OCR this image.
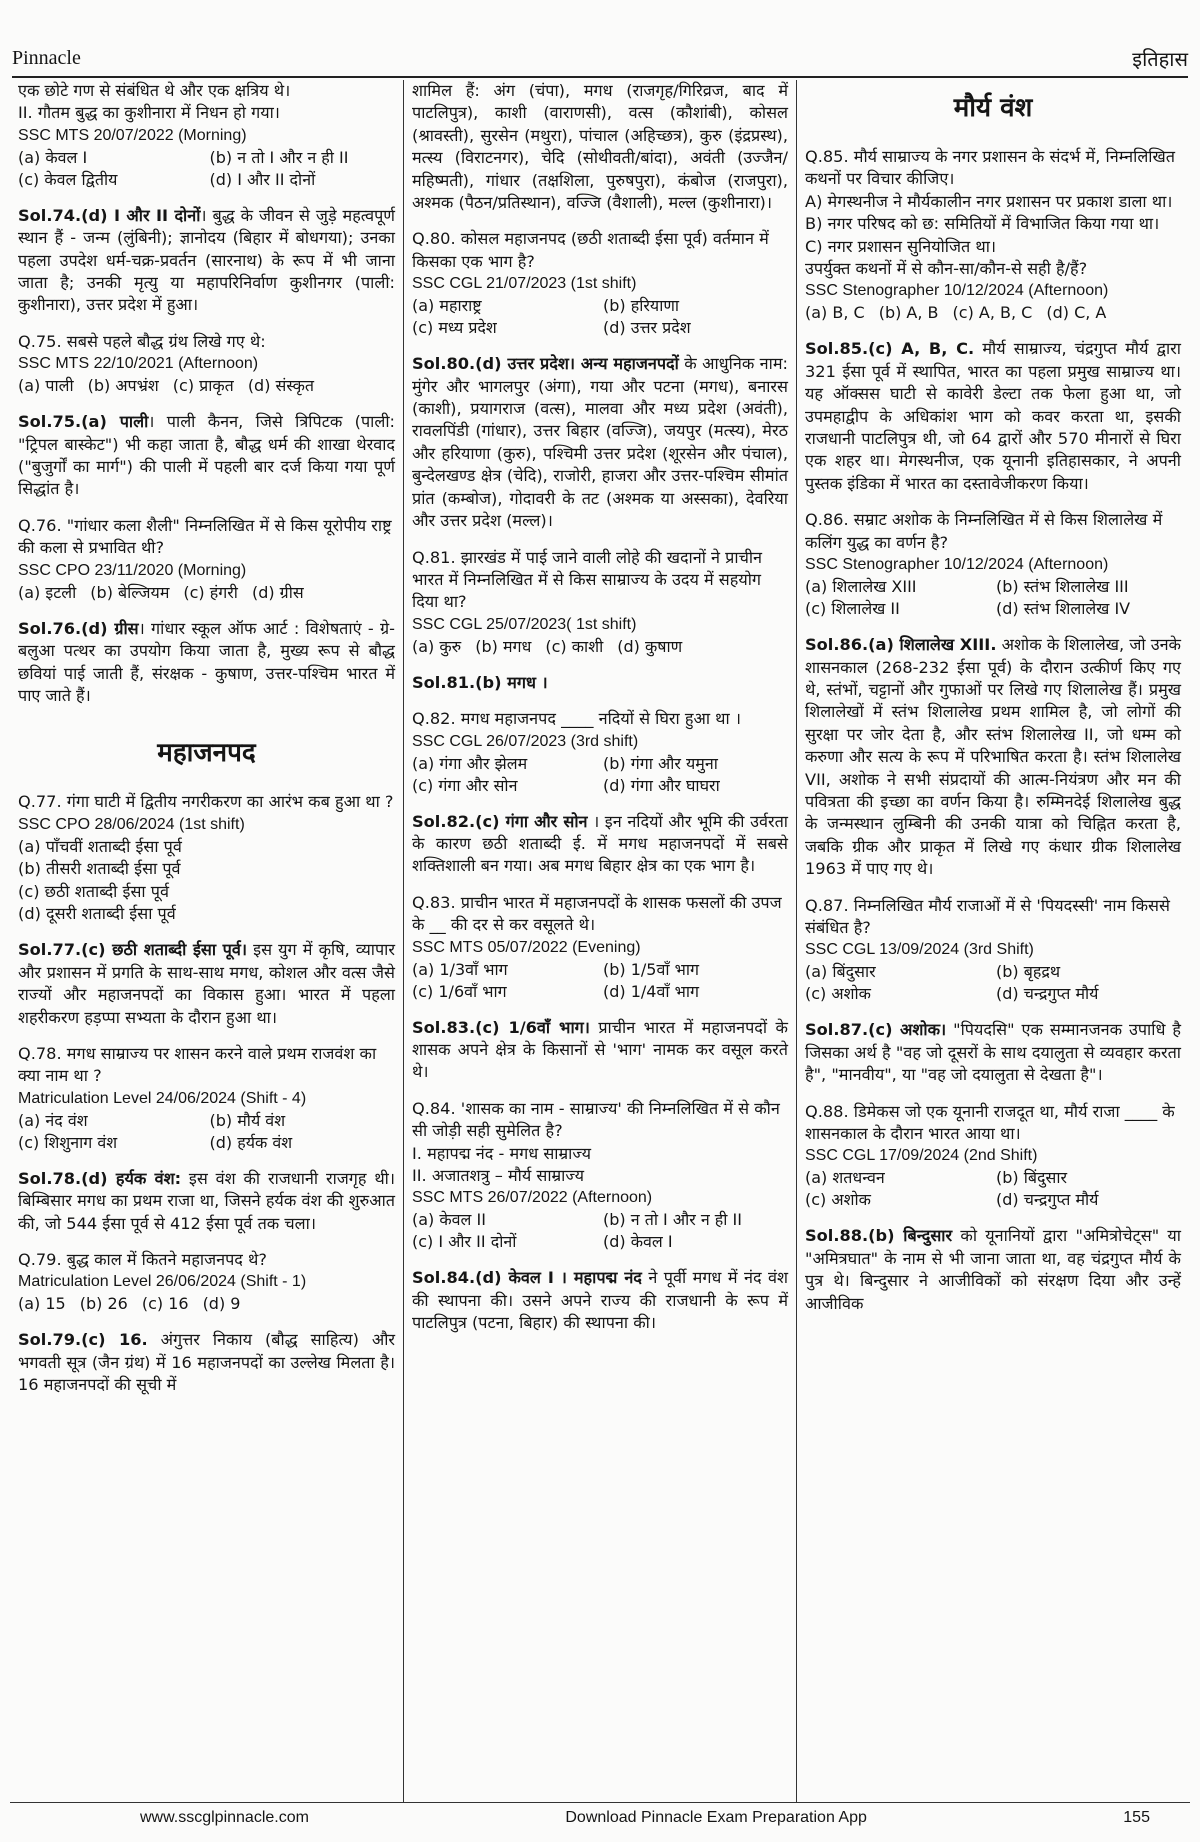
Pinnacle	इतिहास

एक छोटे गण से संबंधित थे और एक क्षत्रिय थे।

II. गौतम बुद्ध का कुशीनारा में निधन हो गया।

SSC MTS 20/07/2022 (Morning)

(a) केवल I	(b) न तो I और न ही II
(c) केवल द्वितीय	(d) I और II दोनों

Sol.74.(d) I और II दोनों। बुद्ध के जीवन से जुड़े महत्वपूर्ण स्थान हैं - जन्म (लुंबिनी); ज्ञानोदय (बिहार में बोधगया); उनका पहला उपदेश धर्म-चक्र-प्रवर्तन (सारनाथ) के रूप में भी जाना जाता है; उनकी मृत्यु या महापरिनिर्वाण कुशीनगर (पाली: कुशीनारा), उत्तर प्रदेश में हुआ।

Q.75. सबसे पहले बौद्ध ग्रंथ लिखे गए थे:

SSC MTS 22/10/2021 (Afternoon)

(a) पाली (b) अपभ्रंश (c) प्राकृत (d) संस्कृत

Sol.75.(a) पाली। पाली कैनन, जिसे त्रिपिटक (पाली: "ट्रिपल बास्केट") भी कहा जाता है, बौद्ध धर्म की शाखा थेरवाद ("बुजुर्गों का मार्ग") की पाली में पहली बार दर्ज किया गया पूर्ण सिद्धांत है।

Q.76. "गांधार कला शैली" निम्नलिखित में से किस यूरोपीय राष्ट्र की कला से प्रभावित थी?

SSC CPO 23/11/2020 (Morning)

(a) इटली (b) बेल्जियम (c) हंगरी (d) ग्रीस

Sol.76.(d) ग्रीस। गांधार स्कूल ऑफ आर्ट : विशेषताएं - ग्रे-बलुआ पत्थर का उपयोग किया जाता है, मुख्य रूप से बौद्ध छवियां पाई जाती हैं, संरक्षक - कुषाण, उत्तर-पश्चिम भारत में पाए जाते हैं।

महाजनपद

Q.77. गंगा घाटी में द्वितीय नगरीकरण का आरंभ कब हुआ था ?

SSC CPO 28/06/2024 (1st shift)

(a) पाँचवीं शताब्दी ईसा पूर्व

(b) तीसरी शताब्दी ईसा पूर्व

(c) छठी शताब्दी ईसा पूर्व

(d) दूसरी शताब्दी ईसा पूर्व

Sol.77.(c) छठी शताब्दी ईसा पूर्व। इस युग में कृषि, व्यापार और प्रशासन में प्रगति के साथ-साथ मगध, कोशल और वत्स जैसे राज्यों और महाजनपदों का विकास हुआ। भारत में पहला शहरीकरण हड़प्पा सभ्यता के दौरान हुआ था।

Q.78. मगध साम्राज्य पर शासन करने वाले प्रथम राजवंश का क्या नाम था ?

Matriculation Level 24/06/2024 (Shift - 4)

(a) नंद वंश	(b) मौर्य वंश
(c) शिशुनाग वंश	(d) हर्यक वंश

Sol.78.(d) हर्यक वंश: इस वंश की राजधानी राजगृह थी। बिम्बिसार मगध का प्रथम राजा था, जिसने हर्यक वंश की शुरुआत की, जो 544 ईसा पूर्व से 412 ईसा पूर्व तक चला।

Q.79. बुद्ध काल में कितने महाजनपद थे?

Matriculation Level 26/06/2024 (Shift - 1)

(a) 15 (b) 26 (c) 16 (d) 9

Sol.79.(c) 16. अंगुत्तर निकाय (बौद्ध साहित्य) और भगवती सूत्र (जैन ग्रंथ) में 16 महाजनपदों का उल्लेख मिलता है। 16 महाजनपदों की सूची में

शामिल हैं: अंग (चंपा), मगध (राजगृह/गिरिव्रज, बाद में पाटलिपुत्र), काशी (वाराणसी), वत्स (कौशांबी), कोसल (श्रावस्ती), सुरसेन (मथुरा), पांचाल (अहिच्छत्र), कुरु (इंद्रप्रस्थ), मत्स्य (विराटनगर), चेदि (सोथीवती/बांदा), अवंती (उज्जैन/महिष्मती), गांधार (तक्षशिला, पुरुषपुरा), कंबोज (राजपुरा), अश्मक (पैठन/प्रतिस्थान), वज्जि (वैशाली), मल्ल (कुशीनारा)।

Q.80. कोसल महाजनपद (छठी शताब्दी ईसा पूर्व) वर्तमान में किसका एक भाग है?

SSC CGL 21/07/2023 (1st shift)

(a) महाराष्ट्र	(b) हरियाणा
(c) मध्य प्रदेश	(d) उत्तर प्रदेश

Sol.80.(d) उत्तर प्रदेश। अन्य महाजनपदों के आधुनिक नाम: मुंगेर और भागलपुर (अंगा), गया और पटना (मगध), बनारस (काशी), प्रयागराज (वत्स), मालवा और मध्य प्रदेश (अवंती), रावलपिंडी (गांधार), उत्तर बिहार (वज्जि), जयपुर (मत्स्य), मेरठ और हरियाणा (कुरु), पश्चिमी उत्तर प्रदेश (शूरसेन और पंचाल), बुन्देलखण्ड क्षेत्र (चेदि), राजोरी, हाजरा और उत्तर-पश्चिम सीमांत प्रांत (कम्बोज), गोदावरी के तट (अश्मक या अस्सका), देवरिया और उत्तर प्रदेश (मल्ल)।

Q.81. झारखंड में पाई जाने वाली लोहे की खदानों ने प्राचीन भारत में निम्नलिखित में से किस साम्राज्य के उदय में सहयोग दिया था?

SSC CGL 25/07/2023( 1st shift)

(a) कुरु (b) मगध (c) काशी (d) कुषाण

Sol.81.(b) मगध ।

Q.82. मगध महाजनपद ____ नदियों से घिरा हुआ था ।

SSC CGL 26/07/2023 (3rd shift)

(a) गंगा और झेलम	(b) गंगा और यमुना
(c) गंगा और सोन	(d) गंगा और घाघरा

Sol.82.(c) गंगा और सोन । इन नदियों और भूमि की उर्वरता के कारण छठी शताब्दी ई. में मगध महाजनपदों में सबसे शक्तिशाली बन गया। अब मगध बिहार क्षेत्र का एक भाग है।

Q.83. प्राचीन भारत में महाजनपदों के शासक फसलों की उपज के __ की दर से कर वसूलते थे।

SSC MTS 05/07/2022 (Evening)

(a) 1/3वाँ भाग	(b) 1/5वाँ भाग
(c) 1/6वाँ भाग	(d) 1/4वाँ भाग

Sol.83.(c) 1/6वाँ भाग। प्राचीन भारत में महाजनपदों के शासक अपने क्षेत्र के किसानों से 'भाग' नामक कर वसूल करते थे।

Q.84. 'शासक का नाम - साम्राज्य' की निम्नलिखित में से कौन सी जोड़ी सही सुमेलित है?

I. महापद्म नंद - मगध साम्राज्य

II. अजातशत्रु – मौर्य साम्राज्य

SSC MTS 26/07/2022 (Afternoon)

(a) केवल II	(b) न तो I और न ही II
(c) I और II दोनों	(d) केवल I

Sol.84.(d) केवल I । महापद्म नंद ने पूर्वी मगध में नंद वंश की स्थापना की। उसने अपने राज्य की राजधानी के रूप में पाटलिपुत्र (पटना, बिहार) की स्थापना की।

मौर्य वंश

Q.85. मौर्य साम्राज्य के नगर प्रशासन के संदर्भ में, निम्नलिखित कथनों पर विचार कीजिए।

A) मेगस्थनीज ने मौर्यकालीन नगर प्रशासन पर प्रकाश डाला था।

B) नगर परिषद को छ: समितियों में विभाजित किया गया था।

C) नगर प्रशासन सुनियोजित था।

उपर्युक्त कथनों में से कौन-सा/कौन-से सही है/हैं?

SSC Stenographer 10/12/2024 (Afternoon)

(a) B, C (b) A, B (c) A, B, C (d) C, A

Sol.85.(c) A, B, C. मौर्य साम्राज्य, चंद्रगुप्त मौर्य द्वारा 321 ईसा पूर्व में स्थापित, भारत का पहला प्रमुख साम्राज्य था। यह ऑक्सस घाटी से कावेरी डेल्टा तक फेला हुआ था, जो उपमहाद्वीप के अधिकांश भाग को कवर करता था, इसकी राजधानी पाटलिपुत्र थी, जो 64 द्वारों और 570 मीनारों से घिरा एक शहर था। मेगस्थनीज, एक यूनानी इतिहासकार, ने अपनी पुस्तक इंडिका में भारत का दस्तावेजीकरण किया।

Q.86. सम्राट अशोक के निम्नलिखित में से किस शिलालेख में कलिंग युद्ध का वर्णन है?

SSC Stenographer 10/12/2024 (Afternoon)

(a) शिलालेख XIII	(b) स्तंभ शिलालेख III
(c) शिलालेख II	(d) स्तंभ शिलालेख IV

Sol.86.(a) शिलालेख XIII. अशोक के शिलालेख, जो उनके शासनकाल (268-232 ईसा पूर्व) के दौरान उत्कीर्ण किए गए थे, स्तंभों, चट्टानों और गुफाओं पर लिखे गए शिलालेख हैं। प्रमुख शिलालेखों में स्तंभ शिलालेख प्रथम शामिल है, जो लोगों की सुरक्षा पर जोर देता है, और स्तंभ शिलालेख II, जो धम्म को करुणा और सत्य के रूप में परिभाषित करता है। स्तंभ शिलालेख VII, अशोक ने सभी संप्रदायों की आत्म-नियंत्रण और मन की पवित्रता की इच्छा का वर्णन किया है। रुम्मिनदेई शिलालेख बुद्ध के जन्मस्थान लुम्बिनी की उनकी यात्रा को चिह्नित करता है, जबकि ग्रीक और प्राकृत में लिखे गए कंधार ग्रीक शिलालेख 1963 में पाए गए थे।

Q.87. निम्नलिखित मौर्य राजाओं में से 'पियदस्सी' नाम किससे संबंधित है?

SSC CGL 13/09/2024 (3rd Shift)

(a) बिंदुसार	(b) बृहद्रथ
(c) अशोक	(d) चन्द्रगुप्त मौर्य

Sol.87.(c) अशोक। "पियदसि" एक सम्मानजनक उपाधि है जिसका अर्थ है "वह जो दूसरों के साथ दयालुता से व्यवहार करता है", "मानवीय", या "वह जो दयालुता से देखता है"।

Q.88. डिमेकस जो एक यूनानी राजदूत था, मौर्य राजा ____ के शासनकाल के दौरान भारत आया था।

SSC CGL 17/09/2024 (2nd Shift)

(a) शतधन्वन	(b) बिंदुसार
(c) अशोक	(d) चन्द्रगुप्त मौर्य

Sol.88.(b) बिन्दुसार को यूनानियों द्वारा "अमित्रोचेट्स" या "अमित्रघात" के नाम से भी जाना जाता था, वह चंद्रगुप्त मौर्य के पुत्र थे। बिन्दुसार ने आजीविकों को संरक्षण दिया और उन्हें आजीविक

www.sscglpinnacle.com	Download Pinnacle Exam Preparation App	155
